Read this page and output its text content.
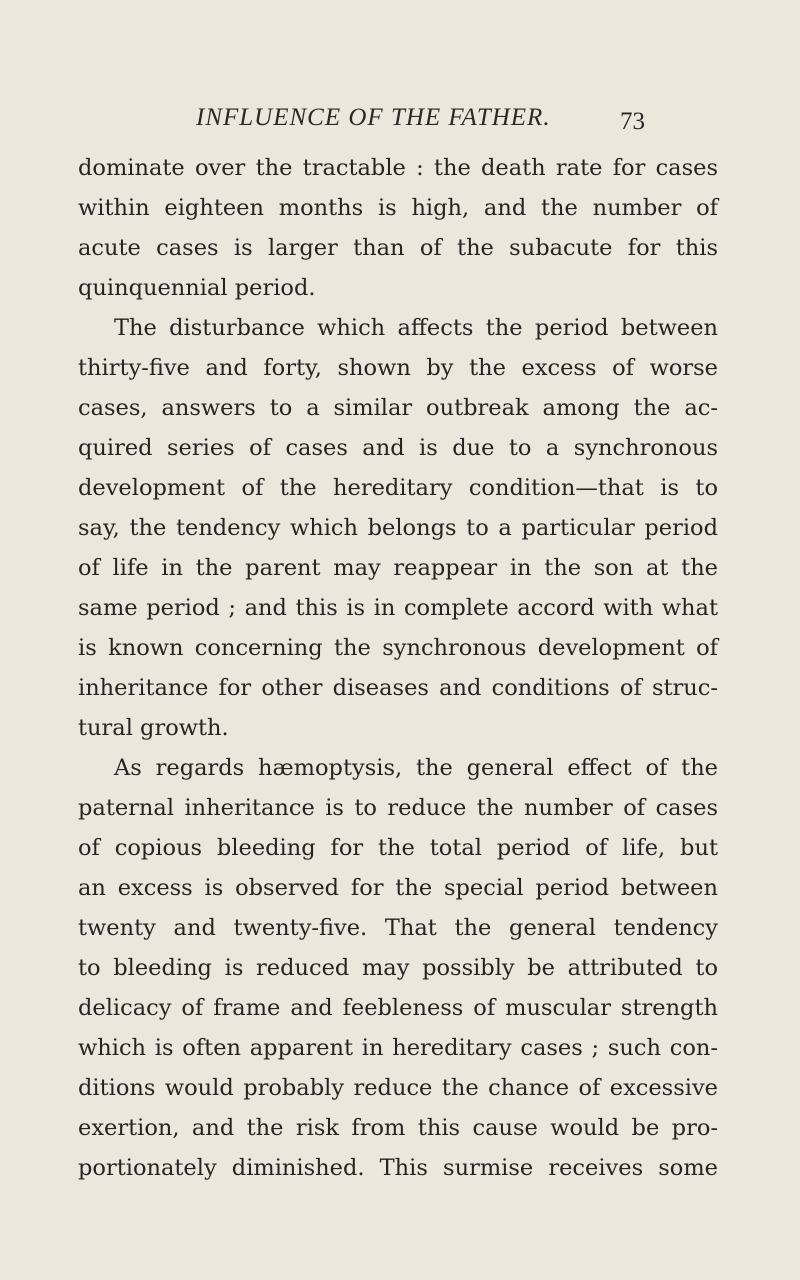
INFLUENCE OF THE FATHER.	73
dominate over the tractable : the death rate for cases
within eighteen months is high, and the number of
acute cases is larger than of the subacute for this
quinquennial period.
The disturbance which affects the period between
thirty-five and forty, shown by the excess of worse
cases, answers to a similar outbreak among the ac-
quired series of cases and is due to a synchronous
development of the hereditary condition—that is to
say, the tendency which belongs to a particular period
of life in the parent may reappear in the son at the
same period ; and this is in complete accord with what
is known concerning the synchronous development of
inheritance for other diseases and conditions of struc-
tural growth.
As regards hæmoptysis, the general effect of the
paternal inheritance is to reduce the number of cases
of copious bleeding for the total period of life, but
an excess is observed for the special period between
twenty and twenty-five. That the general tendency
to bleeding is reduced may possibly be attributed to
delicacy of frame and feebleness of muscular strength
which is often apparent in hereditary cases ; such con-
ditions would probably reduce the chance of excessive
exertion, and the risk from this cause would be pro-
portionately diminished. This surmise receives some
